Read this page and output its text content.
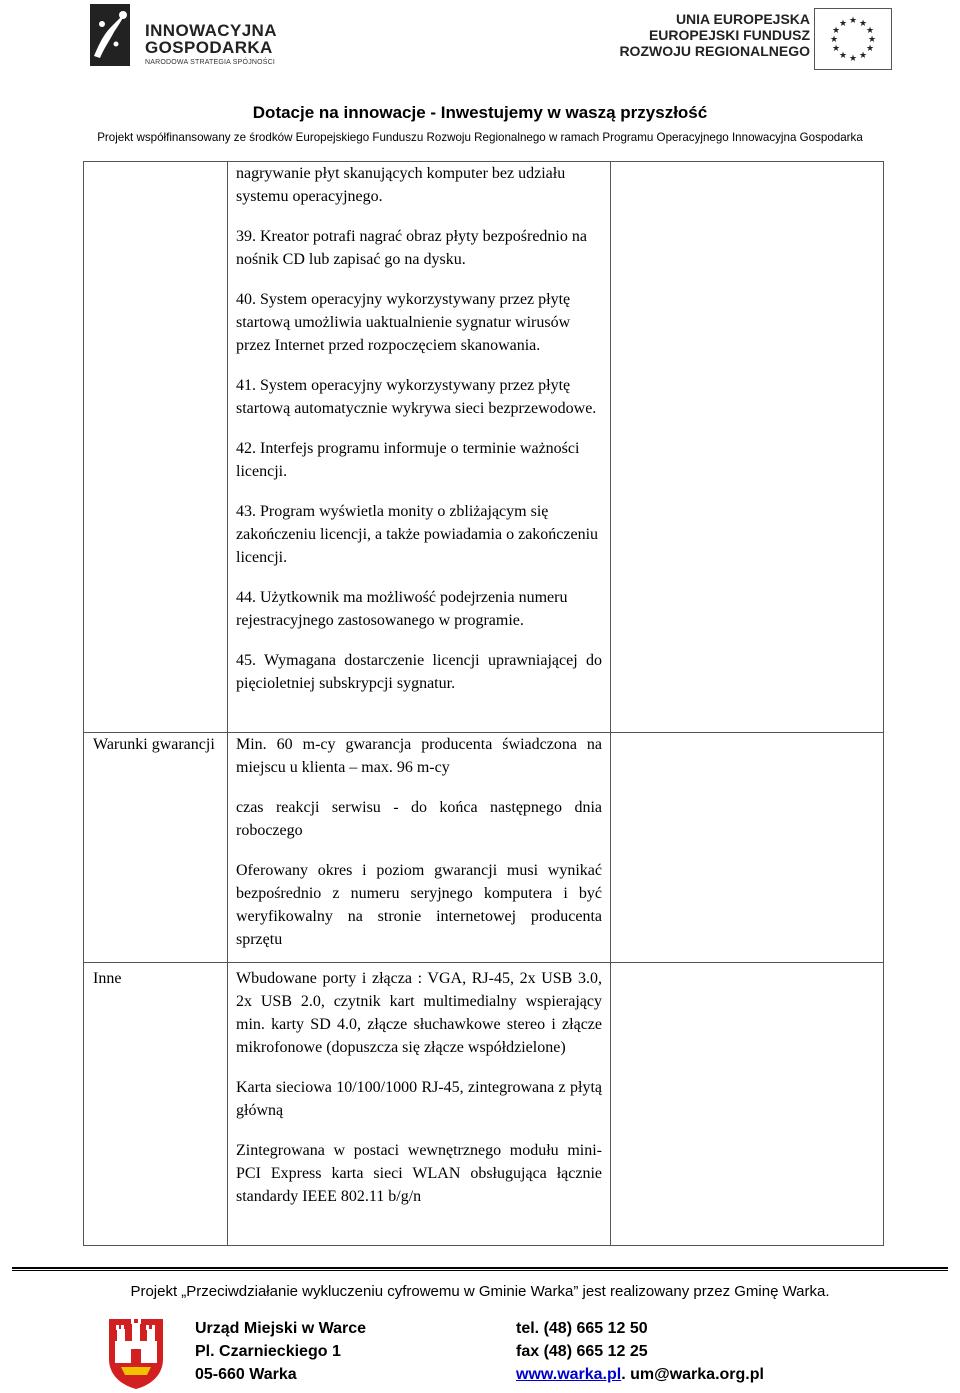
INNOWACYJNA
GOSPODARKA
NARODOWA STRATEGIA SPÓJNOŚCI
UNIA EUROPEJSKA
EUROPEJSKI FUNDUSZ
ROZWOJU REGIONALNEGO
★ ★
★
★
★
★
★
★
★
★
★
★
Dotacje na innowacje - Inwestujemy w waszą przyszłość
Projekt współfinansowany ze środków Europejskiego Funduszu Rozwoju Regionalnego w ramach Programu Operacyjnego Innowacyjna Gospodarka

nagrywanie płyt skanujących komputer bez udziału systemu operacyjnego.

39. Kreator potrafi nagrać obraz płyty bezpośrednio na nośnik CD lub zapisać go na dysku.

40. System operacyjny wykorzystywany przez płytę startową umożliwia uaktualnienie sygnatur wirusów przez Internet przed rozpoczęciem skanowania.

41. System operacyjny wykorzystywany przez płytę startową automatycznie wykrywa sieci bezprzewodowe.

42. Interfejs programu informuje o terminie ważności licencji.

43. Program wyświetla monity o zbliżającym się zakończeniu licencji, a także powiadamia o zakończeniu licencji.

44. Użytkownik ma możliwość podejrzenia numeru rejestracyjnego zastosowanego w programie.

45. Wymagana dostarczenie licencji uprawniającej do pięcioletniej subskrypcji sygnatur.

Warunki gwarancji	Min. 60 m-cy gwarancja producenta świadczona na miejscu u klienta – max. 96 m-cy

czas reakcji serwisu - do końca następnego dnia roboczego

Oferowany okres i poziom gwarancji musi wynikać bezpośrednio z numeru seryjnego komputera i być weryfikowalny na stronie internetowej producenta sprzętu

Inne	Wbudowane porty i złącza : VGA, RJ-45, 2x USB 3.0, 2x USB 2.0, czytnik kart multimedialny wspierający min. karty SD 4.0, złącze słuchawkowe stereo i złącze mikrofonowe (dopuszcza się złącze współdzielone)

Karta sieciowa 10/100/1000 RJ-45, zintegrowana z płytą główną

Zintegrowana w postaci wewnętrznego modułu mini-PCI Express karta sieci WLAN obsługująca łącznie standardy IEEE 802.11 b/g/n

Projekt „Przeciwdziałanie wykluczeniu cyfrowemu w Gminie Warka” jest realizowany przez Gminę Warka.
Urząd Miejski w Warce
Pl. Czarnieckiego 1
05-660 Warka
tel. (48) 665 12 50
fax (48) 665 12 25
www.warka.pl. um@warka.org.pl
